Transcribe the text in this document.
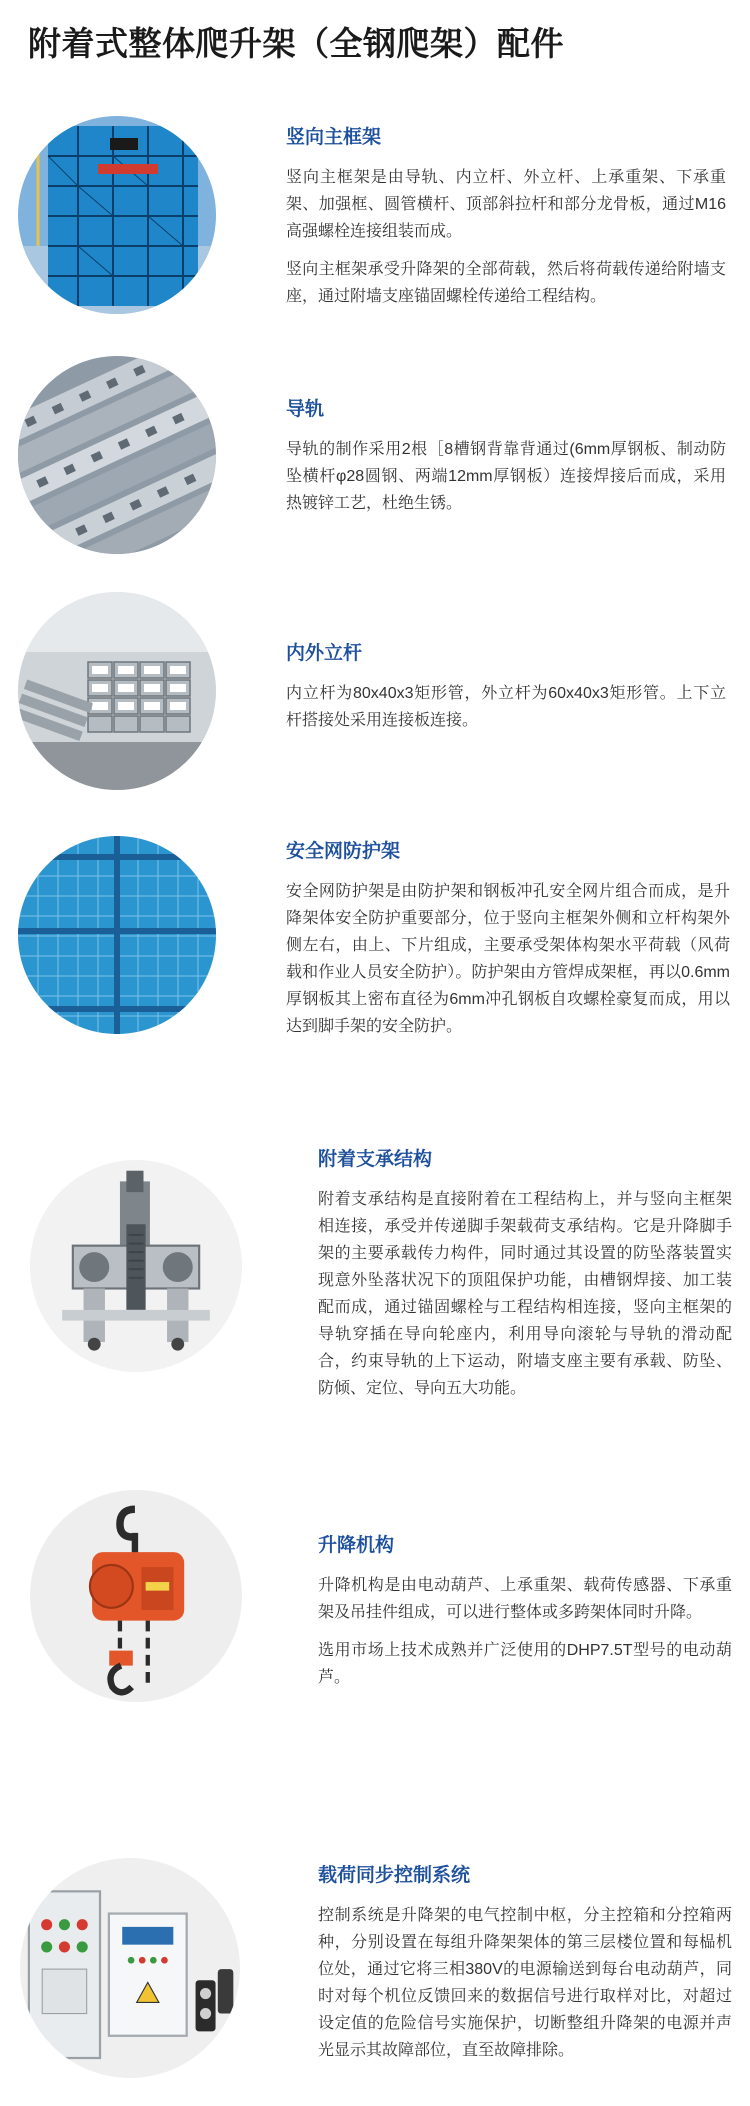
附着式整体爬升架（全钢爬架）配件
竖向主框架

竖向主框架是由导轨、内立杆、外立杆、上承重架、下承重架、加强框、圆管横杆、顶部斜拉杆和部分龙骨板，通过M16高强螺栓连接组装而成。

竖向主框架承受升降架的全部荷载，然后将荷载传递给附墙支座，通过附墙支座锚固螺栓传递给工程结构。

导轨

导轨的制作采用2根［8槽钢背靠背通过(6mm厚钢板、制动防坠横杆φ28圆钢、两端12mm厚钢板）连接焊接后而成，采用热镀锌工艺，杜绝生锈。

内外立杆

内立杆为80x40x3矩形管，外立杆为60x40x3矩形管。上下立杆搭接处采用连接板连接。

安全网防护架

安全网防护架是由防护架和钢板冲孔安全网片组合而成，是升降架体安全防护重要部分，位于竖向主框架外侧和立杆构架外侧左右，由上、下片组成，主要承受架体构架水平荷载（风荷载和作业人员安全防护）。防护架由方管焊成架框，再以0.6mm厚钢板其上密布直径为6mm冲孔钢板自攻螺栓豪复而成，用以达到脚手架的安全防护。

附着支承结构

附着支承结构是直接附着在工程结构上，并与竖向主框架相连接，承受并传递脚手架载荷支承结构。它是升降脚手架的主要承载传力构件，同时通过其设置的防坠落装置实现意外坠落状况下的顶阻保护功能，由槽钢焊接、加工装配而成，通过锚固螺栓与工程结构相连接，竖向主框架的导轨穿插在导向轮座内，利用导向滚轮与导轨的滑动配合，约束导轨的上下运动，附墙支座主要有承载、防坠、防倾、定位、导向五大功能。

升降机构

升降机构是由电动葫芦、上承重架、载荷传感器、下承重架及吊挂件组成，可以进行整体或多跨架体同时升降。

选用市场上技术成熟并广泛使用的DHP7.5T型号的电动葫芦。

载荷同步控制系统

控制系统是升降架的电气控制中枢，分主控箱和分控箱两种，分别设置在每组升降架架体的第三层楼位置和每榀机位处，通过它将三相380V的电源输送到每台电动葫芦，同时对每个机位反馈回来的数据信号进行取样对比，对超过设定值的危险信号实施保护，切断整组升降架的电源并声光显示其故障部位，直至故障排除。
